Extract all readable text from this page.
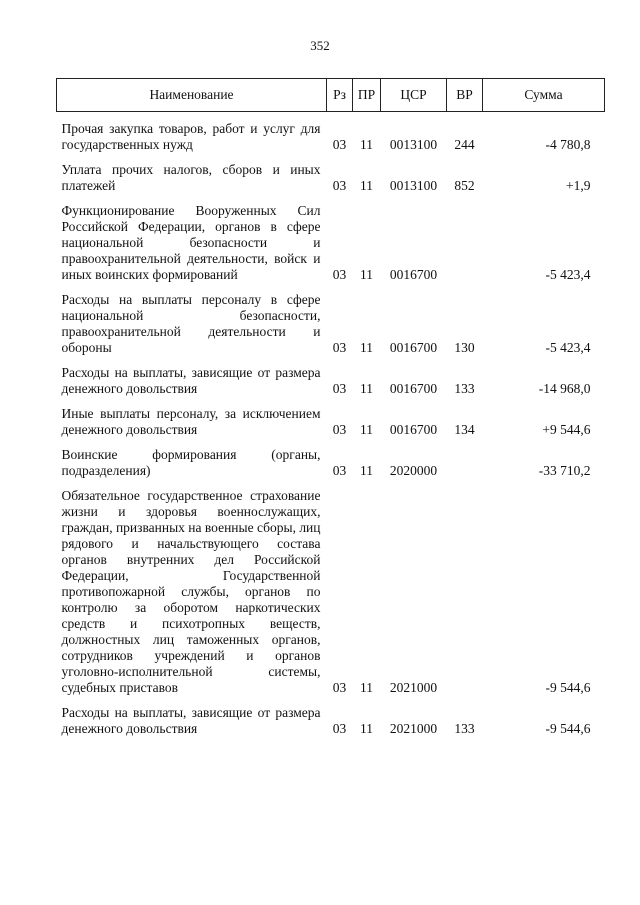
352
Наименование	Рз	ПР	ЦСР	ВР	Сумма

Прочая закупка товаров, работ и услуг для государственных нужд	03	11	0013100	244	-4 780,8

Уплата прочих налогов, сборов и иных платежей	03	11	0013100	852	+1,9

Функционирование Вооруженных Сил Российской Федерации, органов в сфере национальной безопасности и правоохранительной деятельности, войск и иных воинских формирований	03	11	0016700		-5 423,4

Расходы на выплаты персоналу в сфере национальной безопасности, правоохранительной деятельности и обороны	03	11	0016700	130	-5 423,4

Расходы на выплаты, зависящие от размера денежного довольствия	03	11	0016700	133	-14 968,0

Иные выплаты персоналу, за исключением денежного довольствия	03	11	0016700	134	+9 544,6

Воинские формирования (органы, подразделения)	03	11	2020000		-33 710,2

Обязательное государственное страхование жизни и здоровья военнослужащих, граждан, призванных на военные сборы, лиц рядового и начальствующего состава органов внутренних дел Российской Федерации, Государственной противопожарной службы, органов по контролю за оборотом наркотических средств и психотропных веществ, должностных лиц таможенных органов, сотрудников учреждений и органов уголовно-исполнительной системы, судебных приставов	03	11	2021000		-9 544,6

Расходы на выплаты, зависящие от размера денежного довольствия	03	11	2021000	133	-9 544,6
